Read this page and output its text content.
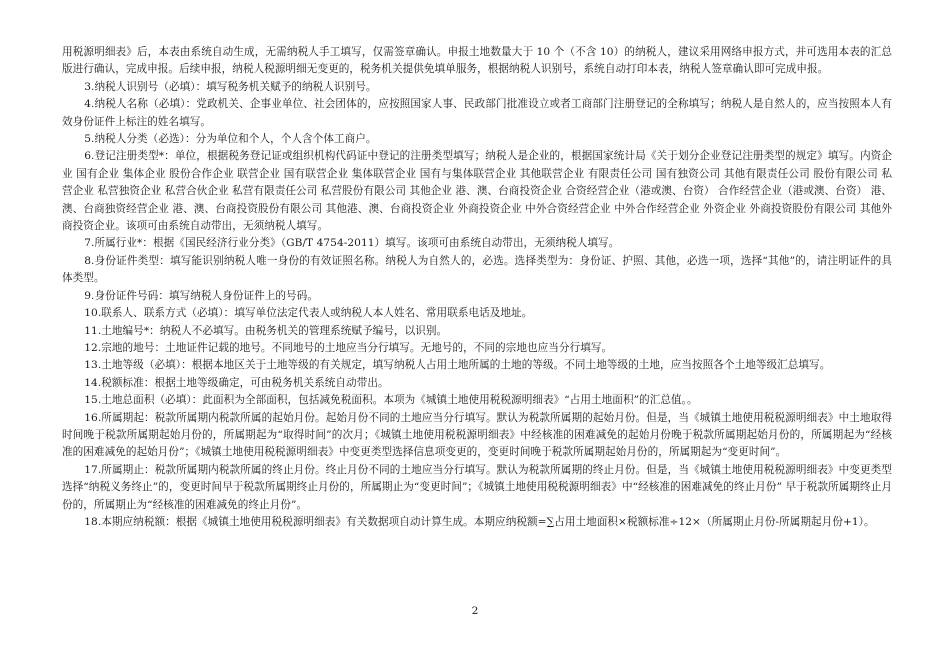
用税源明细表》后，本表由系统自动生成，无需纳税人手工填写，仅需签章确认。申报土地数量大于 10 个（不含 10）的纳税人，建议采用网络申报方式，并可选用本表的汇总版进行确认，完成申报。后续申报，纳税人税源明细无变更的，税务机关提供免填单服务，根据纳税人识别号，系统自动打印本表，纳税人签章确认即可完成申报。

3.纳税人识别号（必填）：填写税务机关赋予的纳税人识别号。

4.纳税人名称（必填）：党政机关、企事业单位、社会团体的，应按照国家人事、民政部门批准设立或者工商部门注册登记的全称填写；纳税人是自然人的，应当按照本人有效身份证件上标注的姓名填写。

5.纳税人分类（必选）：分为单位和个人，个人含个体工商户。

6.登记注册类型*：单位，根据税务登记证或组织机构代码证中登记的注册类型填写；纳税人是企业的，根据国家统计局《关于划分企业登记注册类型的规定》填写。内资企业 国有企业 集体企业 股份合作企业 联营企业 国有联营企业 集体联营企业 国有与集体联营企业 其他联营企业 有限责任公司 国有独资公司 其他有限责任公司 股份有限公司 私营企业 私营独资企业 私营合伙企业 私营有限责任公司 私营股份有限公司 其他企业 港、澳、台商投资企业 合资经营企业（港或澳、台资） 合作经营企业（港或澳、台资） 港、澳、台商独资经营企业 港、澳、台商投资股份有限公司 其他港、澳、台商投资企业 外商投资企业 中外合资经营企业 中外合作经营企业 外资企业 外商投资股份有限公司 其他外商投资企业。该项可由系统自动带出，无须纳税人填写。

7.所属行业*：根据《国民经济行业分类》（GB/T 4754-2011）填写。该项可由系统自动带出，无须纳税人填写。

8.身份证件类型：填写能识别纳税人唯一身份的有效证照名称。纳税人为自然人的，必选。选择类型为：身份证、护照、其他，必选一项，选择“其他”的，请注明证件的具体类型。

9.身份证件号码：填写纳税人身份证件上的号码。

10.联系人、联系方式（必填）：填写单位法定代表人或纳税人本人姓名、常用联系电话及地址。

11.土地编号*：纳税人不必填写。由税务机关的管理系统赋予编号，以识别。

12.宗地的地号：土地证件记载的地号。不同地号的土地应当分行填写。无地号的，不同的宗地也应当分行填写。

13.土地等级（必填）：根据本地区关于土地等级的有关规定，填写纳税人占用土地所属的土地的等级。不同土地等级的土地，应当按照各个土地等级汇总填写。

14.税额标准：根据土地等级确定，可由税务机关系统自动带出。

15.土地总面积（必填）：此面积为全部面积，包括减免税面积。本项为《城镇土地使用税税源明细表》“占用土地面积”的汇总值。。

16.所属期起：税款所属期内税款所属的起始月份。起始月份不同的土地应当分行填写。默认为税款所属期的起始月份。但是，当《城镇土地使用税税源明细表》中土地取得时间晚于税款所属期起始月份的，所属期起为“取得时间”的次月；《城镇土地使用税税源明细表》中经核准的困难减免的起始月份晚于税款所属期起始月份的，所属期起为“经核准的困难减免的起始月份”；《城镇土地使用税税源明细表》中变更类型选择信息项变更的，变更时间晚于税款所属期起始月份的，所属期起为“变更时间”。

17.所属期止：税款所属期内税款所属的终止月份。终止月份不同的土地应当分行填写。默认为税款所属期的终止月份。但是，当《城镇土地使用税税源明细表》中变更类型选择“纳税义务终止”的，变更时间早于税款所属期终止月份的，所属期止为“变更时间”；《城镇土地使用税税源明细表》中“经核准的困难减免的终止月份” 早于税款所属期终止月份的，所属期止为“经核准的困难减免的终止月份”。

18.本期应纳税额：根据《城镇土地使用税税源明细表》有关数据项自动计算生成。本期应纳税额=∑占用土地面积×税额标准÷12×（所属期止月份-所属期起月份+1）。

2
